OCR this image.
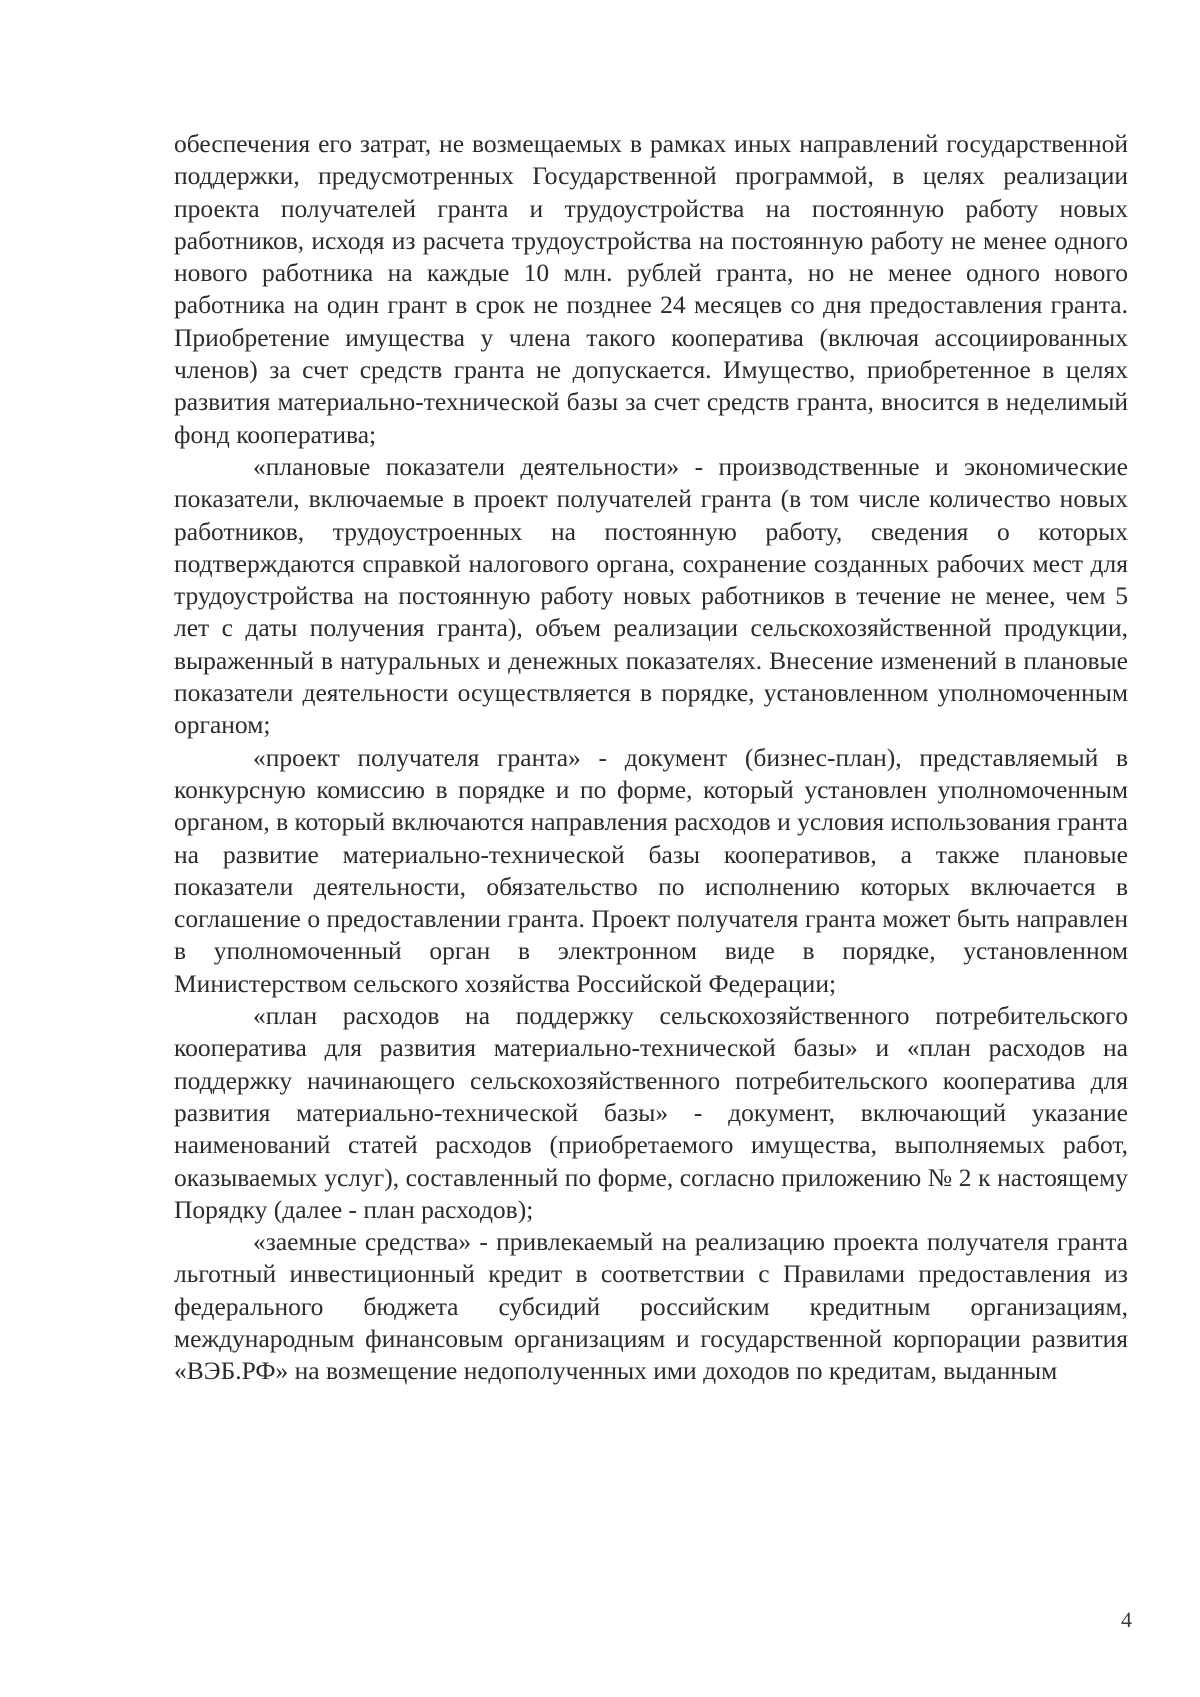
обеспечения его затрат, не возмещаемых в рамках иных направлений государственной поддержки, предусмотренных Государственной программой, в целях реализации проекта получателей гранта и трудоустройства на постоянную работу новых работников, исходя из расчета трудоустройства на постоянную работу не менее одного нового работника на каждые 10 млн. рублей гранта, но не менее одного нового работника на один грант в срок не позднее 24 месяцев со дня предоставления гранта. Приобретение имущества у члена такого кооператива (включая ассоциированных членов) за счет средств гранта не допускается. Имущество, приобретенное в целях развития материально-технической базы за счет средств гранта, вносится в неделимый фонд кооператива;

«плановые показатели деятельности» - производственные и экономические показатели, включаемые в проект получателей гранта (в том числе количество новых работников, трудоустроенных на постоянную работу, сведения о которых подтверждаются справкой налогового органа, сохранение созданных рабочих мест для трудоустройства на постоянную работу новых работников в течение не менее, чем 5 лет с даты получения гранта), объем реализации сельскохозяйственной продукции, выраженный в натуральных и денежных показателях. Внесение изменений в плановые показатели деятельности осуществляется в порядке, установленном уполномоченным органом;

«проект получателя гранта» - документ (бизнес-план), представляемый в конкурсную комиссию в порядке и по форме, который установлен уполномоченным органом, в который включаются направления расходов и условия использования гранта на развитие материально-технической базы кооперативов, а также плановые показатели деятельности, обязательство по исполнению которых включается в соглашение о предоставлении гранта. Проект получателя гранта может быть направлен в уполномоченный орган в электронном виде в порядке, установленном Министерством сельского хозяйства Российской Федерации;

«план расходов на поддержку сельскохозяйственного потребительского кооператива для развития материально-технической базы» и «план расходов на поддержку начинающего сельскохозяйственного потребительского кооператива для развития материально-технической базы» - документ, включающий указание наименований статей расходов (приобретаемого имущества, выполняемых работ, оказываемых услуг), составленный по форме, согласно приложению № 2 к настоящему Порядку (далее - план расходов);

«заемные средства» - привлекаемый на реализацию проекта получателя гранта льготный инвестиционный кредит в соответствии с Правилами предоставления из федерального бюджета субсидий российским кредитным организациям, международным финансовым организациям и государственной корпорации развития «ВЭБ.РФ» на возмещение недополученных ими доходов по кредитам, выданным

4
